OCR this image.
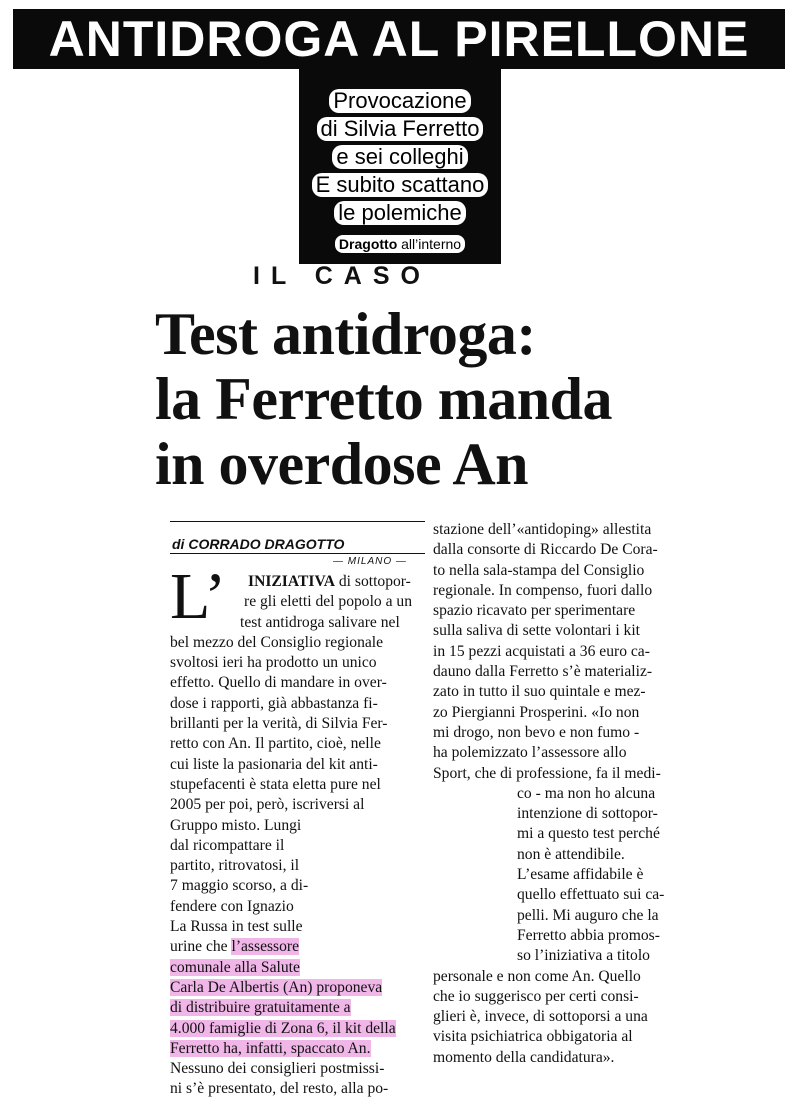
ANTIDROGA AL PIRELLONE
Provocazione
di Silvia Ferretto
e sei colleghi
E subito scattano
le polemiche
Dragotto all’interno
IL CASO
Test antidroga:
la Ferretto manda
in overdose An
di CORRADO DRAGOTTO
— MILANO —
L’	INIZIATIVA di sottopor-
re gli eletti del popolo a un
test antidroga salivare nel
bel mezzo del Consiglio regionale
svoltosi ieri ha prodotto un unico
effetto. Quello di mandare in over-
dose i rapporti, già abbastanza fi-
brillanti per la verità, di Silvia Fer-
retto con An. Il partito, cioè, nelle
cui liste la pasionaria del kit anti-
stupefacenti è stata eletta pure nel
2005 per poi, però, iscriversi al
Gruppo misto. Lungi
dal ricompattare il
partito, ritrovatosi, il
7 maggio scorso, a di-
fendere con Ignazio
La Russa in test sulle
urine che l’assessore
comunale alla Salute
Carla De Albertis (An) proponeva
di distribuire gratuitamente a
4.000 famiglie di Zona 6, il kit della
Ferretto ha, infatti, spaccato An.
Nessuno dei consiglieri postmissi-
ni s’è presentato, del resto, alla po-
stazione dell’«antidoping» allestita
dalla consorte di Riccardo De Cora-
to nella sala-stampa del Consiglio
regionale. In compenso, fuori dallo
spazio ricavato per sperimentare
sulla saliva di sette volontari i kit
in 15 pezzi acquistati a 36 euro ca-
dauno dalla Ferretto s’è materializ-
zato in tutto il suo quintale e mez-
zo Piergianni Prosperini. «Io non
mi drogo, non bevo e non fumo -
ha polemizzato l’assessore allo
Sport, che di professione, fa il medi-
co - ma non ho alcuna
intenzione di sottopor-
mi a questo test perché
non è attendibile.
L’esame affidabile è
quello effettuato sui ca-
pelli. Mi auguro che la
Ferretto abbia promos-
so l’iniziativa a titolo
personale e non come An. Quello
che io suggerisco per certi consi-
glieri è, invece, di sottoporsi a una
visita psichiatrica obbigatoria al
momento della candidatura».
